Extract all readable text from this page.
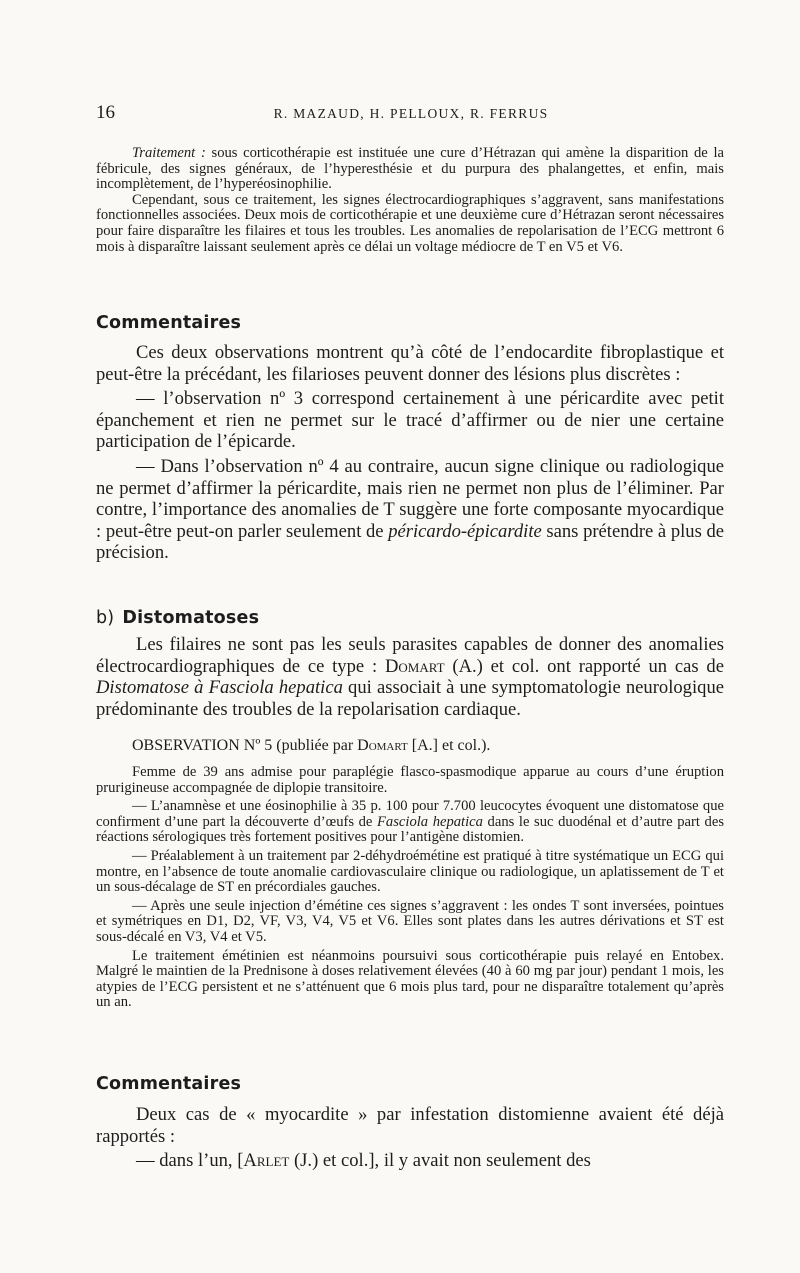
16	R. MAZAUD, H. PELLOUX, R. FERRUS

Traitement : sous corticothérapie est instituée une cure d’Hétrazan qui amène la disparition de la fébricule, des signes généraux, de l’hyperesthésie et du purpura des phalangettes, et enfin, mais incomplètement, de l’hyperéosinophilie.

Cependant, sous ce traitement, les signes électrocardiographiques s’aggravent, sans manifestations fonctionnelles associées. Deux mois de corticothérapie et une deuxième cure d’Hétrazan seront nécessaires pour faire disparaître les filaires et tous les troubles. Les anomalies de repolarisation de l’ECG mettront 6 mois à disparaître laissant seulement après ce délai un voltage médiocre de T en V5 et V6.

Commentaires

Ces deux observations montrent qu’à côté de l’endocardite fibroplastique et peut-être la précédant, les filarioses peuvent donner des lésions plus discrètes :

— l’observation nº 3 correspond certainement à une péricardite avec petit épanchement et rien ne permet sur le tracé d’affirmer ou de nier une certaine participation de l’épicarde.

— Dans l’observation nº 4 au contraire, aucun signe clinique ou radiologique ne permet d’affirmer la péricardite, mais rien ne permet non plus de l’éliminer. Par contre, l’importance des anomalies de T suggère une forte composante myocardique : peut-être peut-on parler seulement de péricardo-épicardite sans prétendre à plus de précision.

b) Distomatoses

Les filaires ne sont pas les seuls parasites capables de donner des anomalies électrocardiographiques de ce type : Domart (A.) et col. ont rapporté un cas de Distomatose à Fasciola hepatica qui associait à une symptomatologie neurologique prédominante des troubles de la repolarisation cardiaque.

OBSERVATION Nº 5 (publiée par Domart [A.] et col.).

Femme de 39 ans admise pour paraplégie flasco-spasmodique apparue au cours d’une éruption prurigineuse accompagnée de diplopie transitoire.

— L’anamnèse et une éosinophilie à 35 p. 100 pour 7.700 leucocytes évoquent une distomatose que confirment d’une part la découverte d’œufs de Fasciola hepatica dans le suc duodénal et d’autre part des réactions sérologiques très fortement positives pour l’antigène distomien.

— Préalablement à un traitement par 2-déhydroémétine est pratiqué à titre systématique un ECG qui montre, en l’absence de toute anomalie cardiovasculaire clinique ou radiologique, un aplatissement de T et un sous-décalage de ST en précordiales gauches.

— Après une seule injection d’émétine ces signes s’aggravent : les ondes T sont inversées, pointues et symétriques en D1, D2, VF, V3, V4, V5 et V6. Elles sont plates dans les autres dérivations et ST est sous-décalé en V3, V4 et V5.

Le traitement émétinien est néanmoins poursuivi sous corticothérapie puis relayé en Entobex. Malgré le maintien de la Prednisone à doses relativement élevées (40 à 60 mg par jour) pendant 1 mois, les atypies de l’ECG persistent et ne s’atténuent que 6 mois plus tard, pour ne disparaître totalement qu’après un an.

Commentaires

Deux cas de « myocardite » par infestation distomienne avaient été déjà rapportés :

— dans l’un, [Arlet (J.) et col.], il y avait non seulement des
